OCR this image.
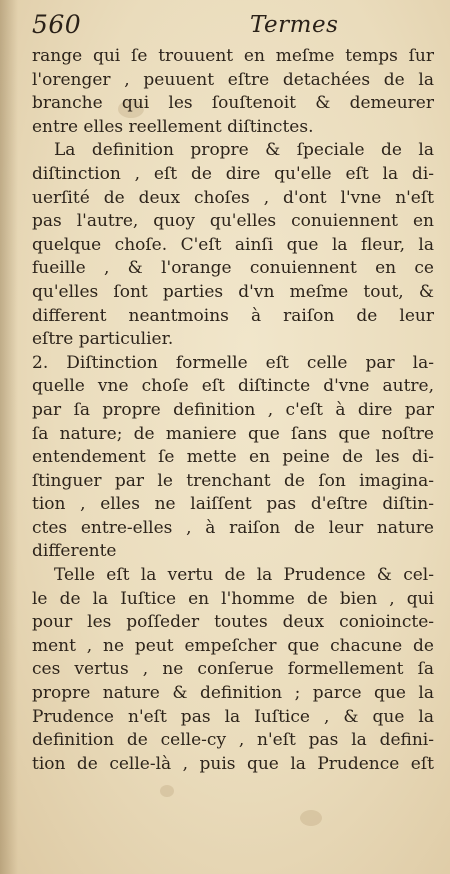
560	Termes
range qui ſe trouuent en meſme temps ſur
l'orenger , peuuent eſtre detachées de la
branche qui les ſouſtenoit & demeurer
entre elles reellement diſtinctes.
La definition propre & ſpeciale de la
diſtinction , eſt de dire qu'elle eſt la di-
uerſité de deux choſes , d'ont l'vne n'eſt
pas l'autre, quoy qu'elles conuiennent en
quelque choſe. C'eſt ainſi que la fleur, la
fueille , & l'orange conuiennent en ce
qu'elles ſont parties d'vn meſme tout, &
different neantmoins à raiſon de leur
eſtre particulier.
2. Diſtinction formelle eſt celle par la-
quelle vne choſe eſt diſtincte d'vne autre,
par ſa propre definition , c'eſt à dire par
ſa nature; de maniere que ſans que noſtre
entendement ſe mette en peine de les di-
ſtinguer par le trenchant de ſon imagina-
tion , elles ne laiſſent pas d'eſtre diſtin-
ctes entre-elles , à raiſon de leur nature
differente
Telle eſt la vertu de la Prudence & cel-
le de la Iuſtice en l'homme de bien , qui
pour les poſſeder toutes deux conioincte-
ment , ne peut empeſcher que chacune de
ces vertus , ne conſerue formellement ſa
propre nature & definition ; parce que la
Prudence n'eſt pas la Iuſtice , & que la
definition de celle-cy , n'eſt pas la defini-
tion de celle-là , puis que la Prudence eſt
